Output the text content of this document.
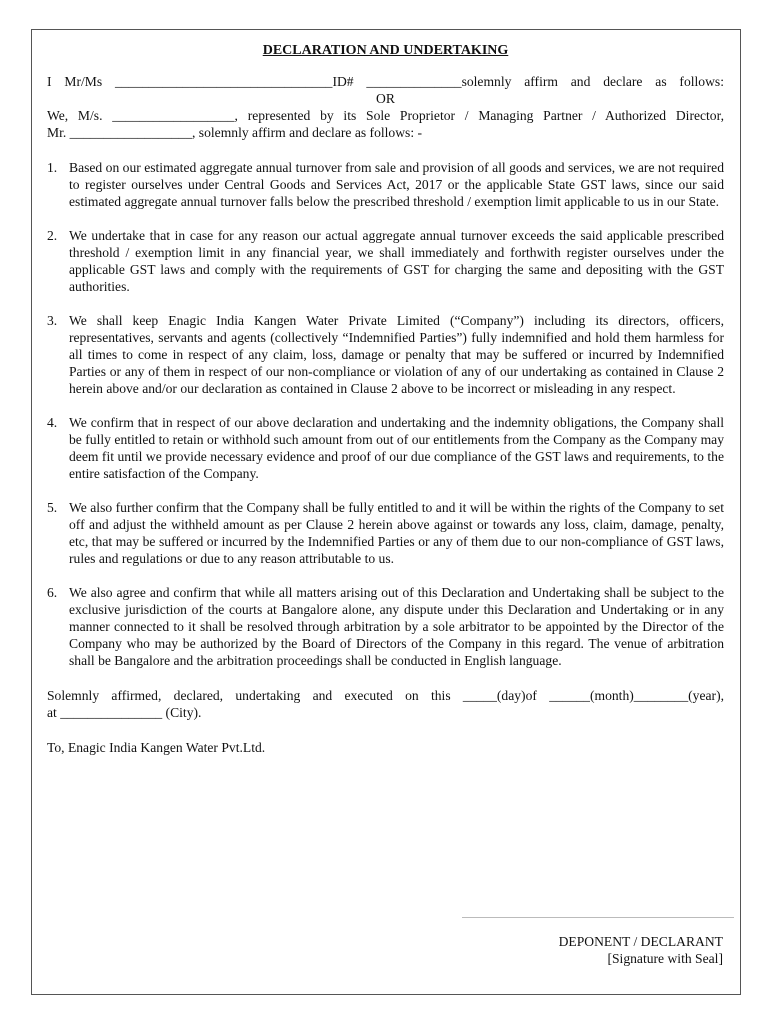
DECLARATION AND UNDERTAKING

I Mr/Ms ________________________________ID# ______________solemnly affirm and declare as follows:

OR

We, M/s. __________________, represented by its Sole Proprietor / Managing Partner / Authorized Director,

Mr. __________________, solemnly affirm and declare as follows: -

1. Based on our estimated aggregate annual turnover from sale and provision of all goods and services, we are not required to register ourselves under Central Goods and Services Act, 2017 or the applicable State GST laws, since our said estimated aggregate annual turnover falls below the prescribed threshold / exemption limit applicable to us in our State.
2. We undertake that in case for any reason our actual aggregate annual turnover exceeds the said applicable prescribed threshold / exemption limit in any financial year, we shall immediately and forthwith register ourselves under the applicable GST laws and comply with the requirements of GST for charging the same and depositing with the GST authorities.
3. We shall keep Enagic India Kangen Water Private Limited (“Company”) including its directors, officers, representatives, servants and agents (collectively “Indemnified Parties”) fully indemnified and hold them harmless for all times to come in respect of any claim, loss, damage or penalty that may be suffered or incurred by Indemnified Parties or any of them in respect of our non-compliance or violation of any of our undertaking as contained in Clause 2 herein above and/or our declaration as contained in Clause 2 above to be incorrect or misleading in any respect.
4. We confirm that in respect of our above declaration and undertaking and the indemnity obligations, the Company shall be fully entitled to retain or withhold such amount from out of our entitlements from the Company as the Company may deem fit until we provide necessary evidence and proof of our due compliance of the GST laws and requirements, to the entire satisfaction of the Company.
5. We also further confirm that the Company shall be fully entitled to and it will be within the rights of the Company to set off and adjust the withheld amount as per Clause 2 herein above against or towards any loss, claim, damage, penalty, etc, that may be suffered or incurred by the Indemnified Parties or any of them due to our non-compliance of GST laws, rules and regulations or due to any reason attributable to us.
6. We also agree and confirm that while all matters arising out of this Declaration and Undertaking shall be subject to the exclusive jurisdiction of the courts at Bangalore alone, any dispute under this Declaration and Undertaking or in any manner connected to it shall be resolved through arbitration by a sole arbitrator to be appointed by the Director of the Company who may be authorized by the Board of Directors of the Company in this regard. The venue of arbitration shall be Bangalore and the arbitration proceedings shall be conducted in English language.

Solemnly affirmed, declared, undertaking and executed on this _____(day)of ______(month)________(year),

at _______________ (City).

To, Enagic India Kangen Water Pvt.Ltd.

DEPONENT / DECLARANT
[Signature with Seal]
